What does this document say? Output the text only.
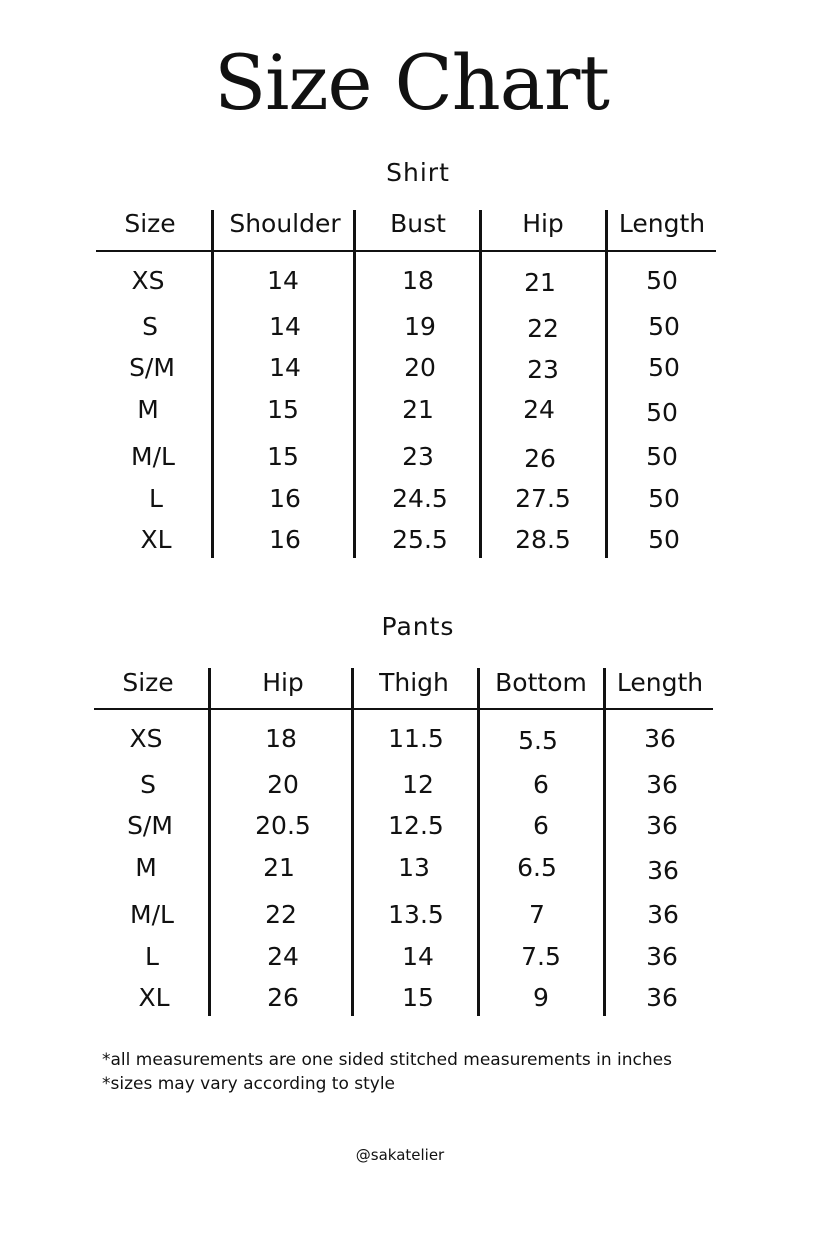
Size Chart
Shirt
Size	Shoulder	Bust	Hip	Length
XS	14	18	21	50
S	14	19	22	50
S/M	14	20	23	50
M	15	21	24	50
M/L	15	23	26	50
L	16	24.5	27.5	50
XL	16	25.5	28.5	50
Pants
Size	Hip	Thigh	Bottom	Length
XS	18	11.5	5.5	36
S	20	12	6	36
S/M	20.5	12.5	6	36
M	21	13	6.5	36
M/L	22	13.5	7	36
L	24	14	7.5	36
XL	26	15	9	36
*all measurements are one sided stitched measurements in inches
*sizes may vary according to style
@sakatelier
